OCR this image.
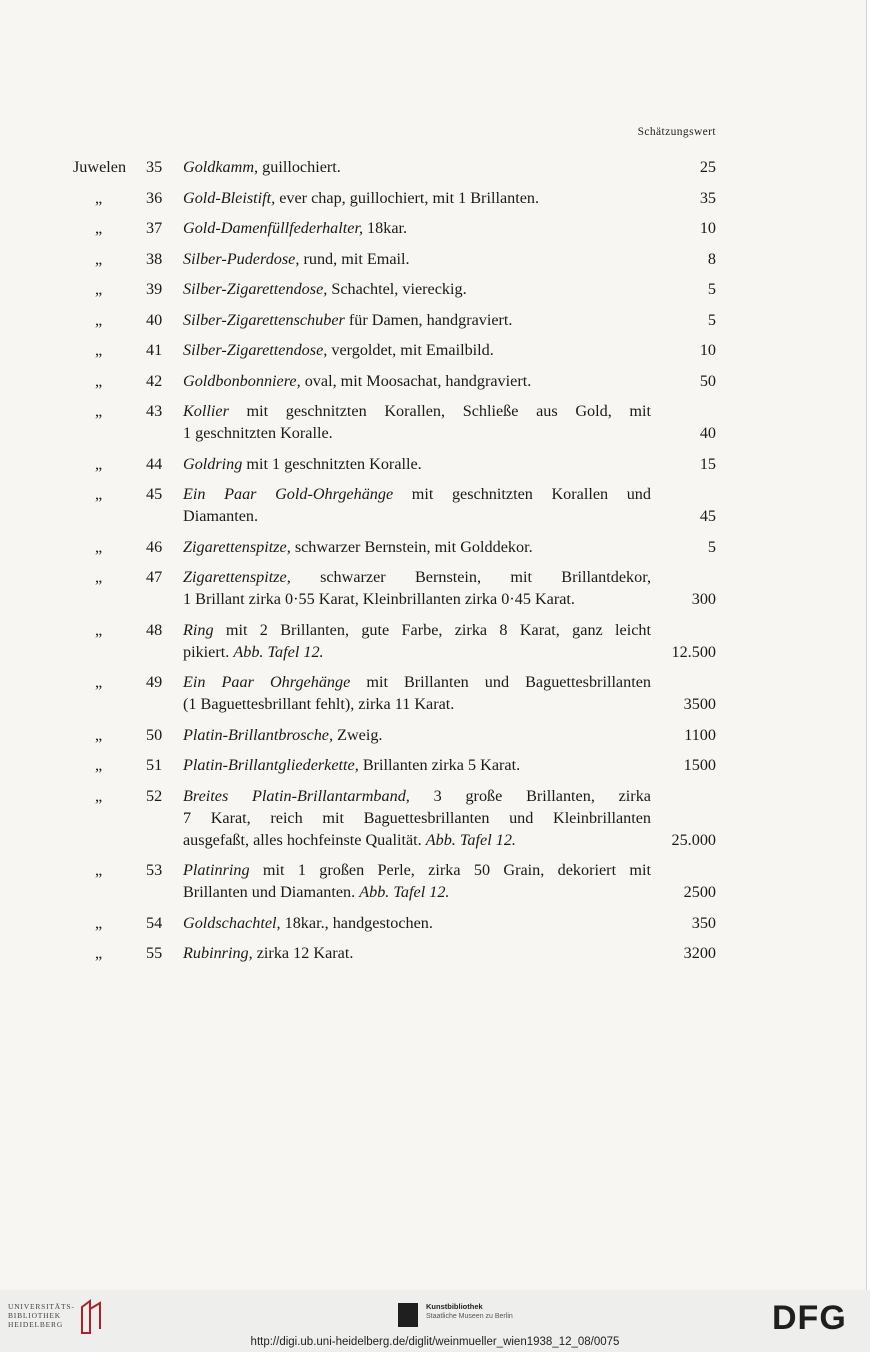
Schätzungswert
Juwelen 35 Goldkamm, guillochiert.	25
„	36 Gold-Bleistift, ever chap, guillochiert, mit 1 Brillanten.	35
„	37 Gold-Damenfüllfederhalter, 18kar.	10
„	38 Silber-Puderdose, rund, mit Email.	8
„	39 Silber-Zigarettendose, Schachtel, viereckig.	5
„	40 Silber-Zigarettenschuber für Damen, handgraviert.	5
„	41 Silber-Zigarettendose, vergoldet, mit Emailbild.	10
„	42 Goldbonbonniere, oval, mit Moosachat, handgraviert.	50
„	43 Kollier mit geschnitzten Korallen, Schließe aus Gold, mit
1 geschnitzten Koralle.	40
„	44 Goldring mit 1 geschnitzten Koralle.	15
„	45 Ein Paar Gold-Ohrgehänge mit geschnitzten Korallen und
Diamanten.	45
„	46 Zigarettenspitze, schwarzer Bernstein, mit Golddekor.	5
„	47 Zigarettenspitze, schwarzer Bernstein, mit Brillantdekor,
1 Brillant zirka 0·55 Karat, Kleinbrillanten zirka 0·45 Karat.	300
„	48 Ring mit 2 Brillanten, gute Farbe, zirka 8 Karat, ganz leicht
pikiert. Abb. Tafel 12.	12.500
„	49 Ein Paar Ohrgehänge mit Brillanten und Baguettesbrillanten
(1 Baguettesbrillant fehlt), zirka 11 Karat.	3500
„	50 Platin-Brillantbrosche, Zweig.	1100
„	51 Platin-Brillantgliederkette, Brillanten zirka 5 Karat.	1500
„	52 Breites Platin-Brillantarmband, 3 große Brillanten, zirka
7 Karat, reich mit Baguettesbrillanten und Kleinbrillanten
ausgefaßt, alles hochfeinste Qualität. Abb. Tafel 12.	25.000
„	53 Platinring mit 1 großen Perle, zirka 50 Grain, dekoriert mit
Brillanten und Diamanten. Abb. Tafel 12.	2500
„	54 Goldschachtel, 18kar., handgestochen.	350
„	55 Rubinring, zirka 12 Karat.	3200
UNIVERSITÄTS-
BIBLIOTHEK
HEIDELBERG
Kunstbibliothek
Staatliche Museen zu Berlin	DFG
http://digi.ub.uni-heidelberg.de/diglit/weinmueller_wien1938_12_08/0075
